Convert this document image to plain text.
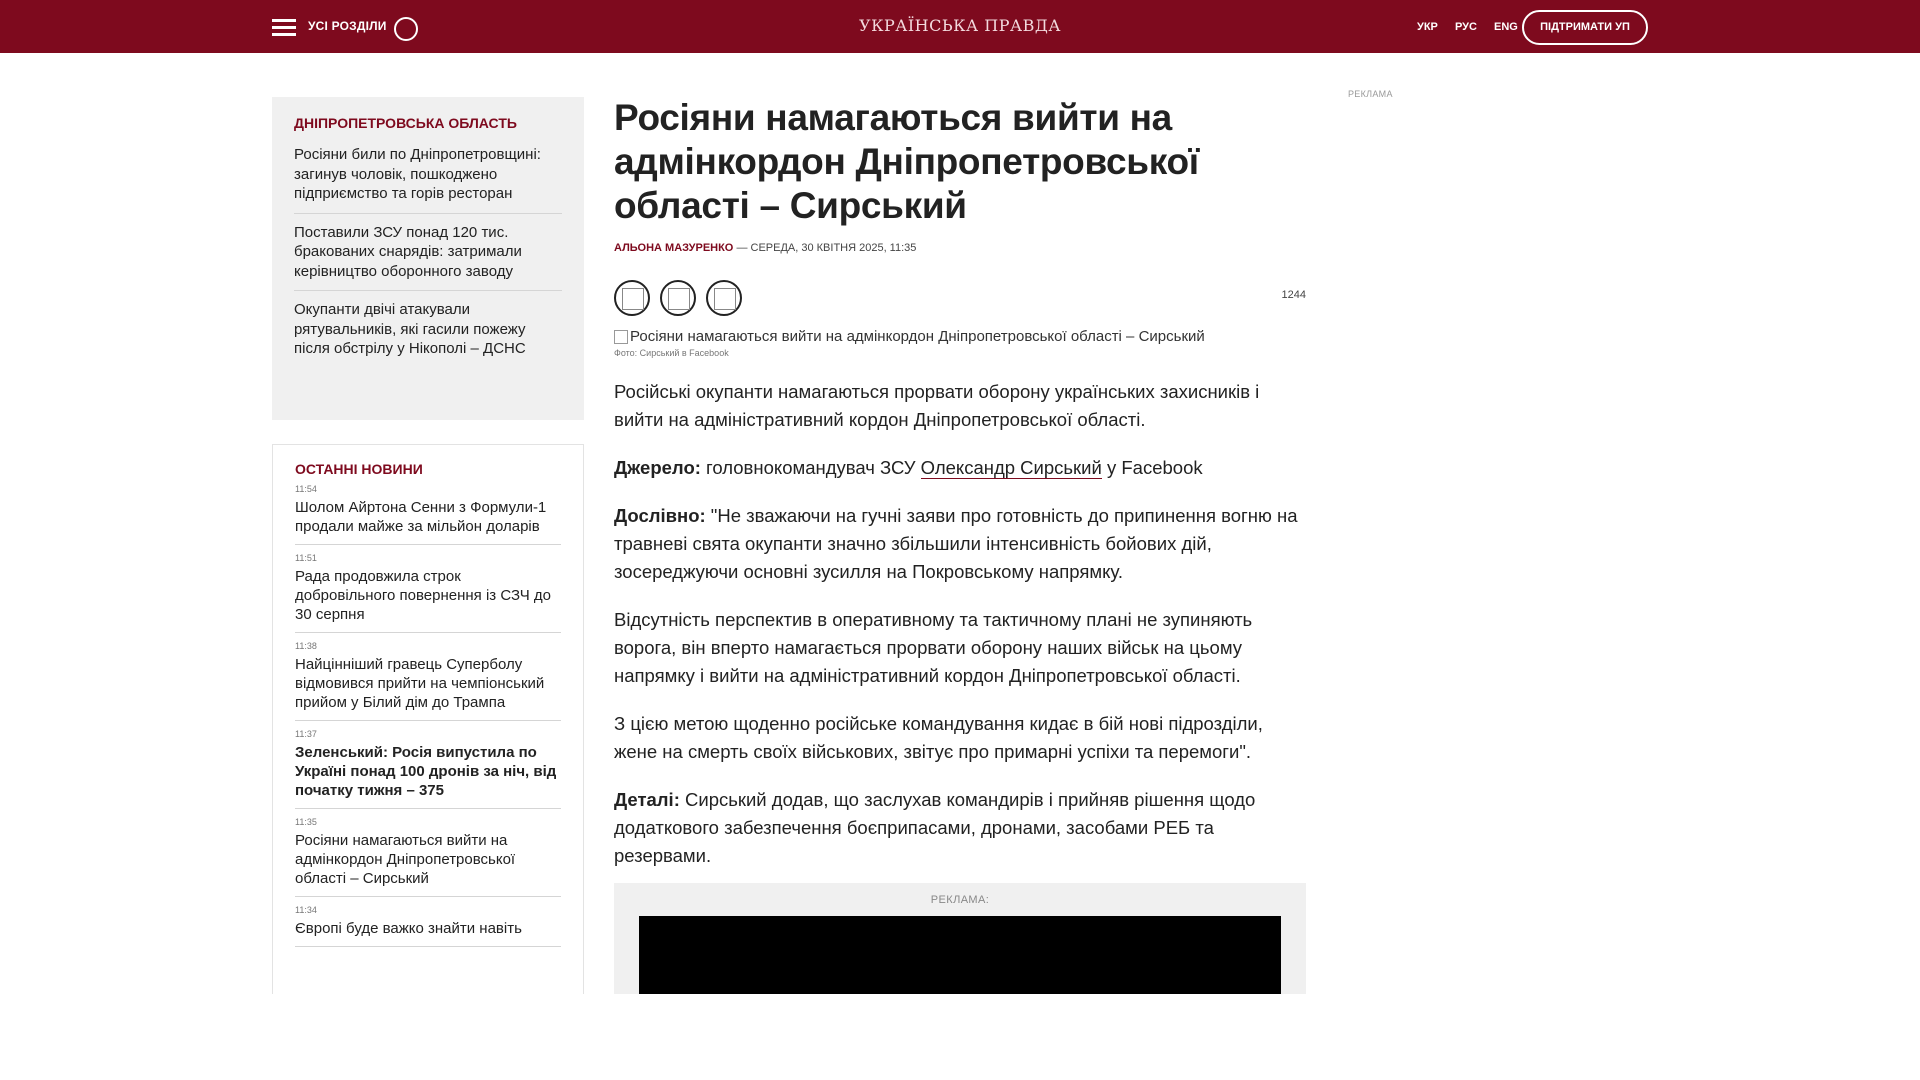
УСІ РОЗДІЛИ	УКРАЇНСЬКА ПРАВДА	УКР РУС ENG	ПІДТРИМАТИ УП
ДНІПРОПЕТРОВСЬКА ОБЛАСТЬ
Росіяни били по Дніпропетровщині: загинув чоловік, пошкоджено підприємство та горів ресторан
Поставили ЗСУ понад 120 тис. бракованих снарядів: затримали керівництво оборонного заводу
Окупанти двічі атакували рятувальників, які гасили пожежу після обстрілу у Нікополі – ДСНС
ОСТАННІ НОВИНИ
11:54
Шолом Айртона Сенни з Формули-1 продали майже за мільйон доларів
11:51
Рада продовжила строк добровільного повернення із СЗЧ до 30 серпня
11:38
Найцінніший гравець Суперболу відмовився прийти на чемпіонський прийом у Білий дім до Трампа
11:37
Зеленський: Росія випустила по Україні понад 100 дронів за ніч, від початку тижня – 375
11:35
Росіяни намагаються вийти на адмінкордон Дніпропетровської області – Сирський
11:34
Європі буде важко знайти навіть
Росіяни намагаються вийти на адмінкордон Дніпропетровської області – Сирський
АЛЬОНА МАЗУРЕНКО — СЕРЕДА, 30 КВІТНЯ 2025, 11:35
1244
Росіяни намагаються вийти на адмінкордон Дніпропетровської області – Сирський
Фото: Сирський в Facebook

Російські окупанти намагаються прорвати оборону українських захисників і вийти на адміністративний кордон Дніпропетровської області.

Джерело: головнокомандувач ЗСУ Олександр Сирський у Facebook

Дослівно: "Не зважаючи на гучні заяви про готовність до припинення вогню на травневі свята окупанти значно збільшили інтенсивність бойових дій, зосереджуючи основні зусилля на Покровському напрямку.

Відсутність перспектив в оперативному та тактичному плані не зупиняють ворога, він вперто намагається прорвати оборону наших військ на цьому напрямку і вийти на адміністративний кордон Дніпропетровської області.

З цією метою щоденно російське командування кидає в бій нові підрозділи, жене на смерть своїх військових, звітує про примарні успіхи та перемоги".

Деталі: Сирський додав, що заслухав командирів і прийняв рішення щодо додаткового забезпечення боєприпасами, дронами, засобами РЕБ та резервами.

РЕКЛАМА:
РЕКЛАМА
